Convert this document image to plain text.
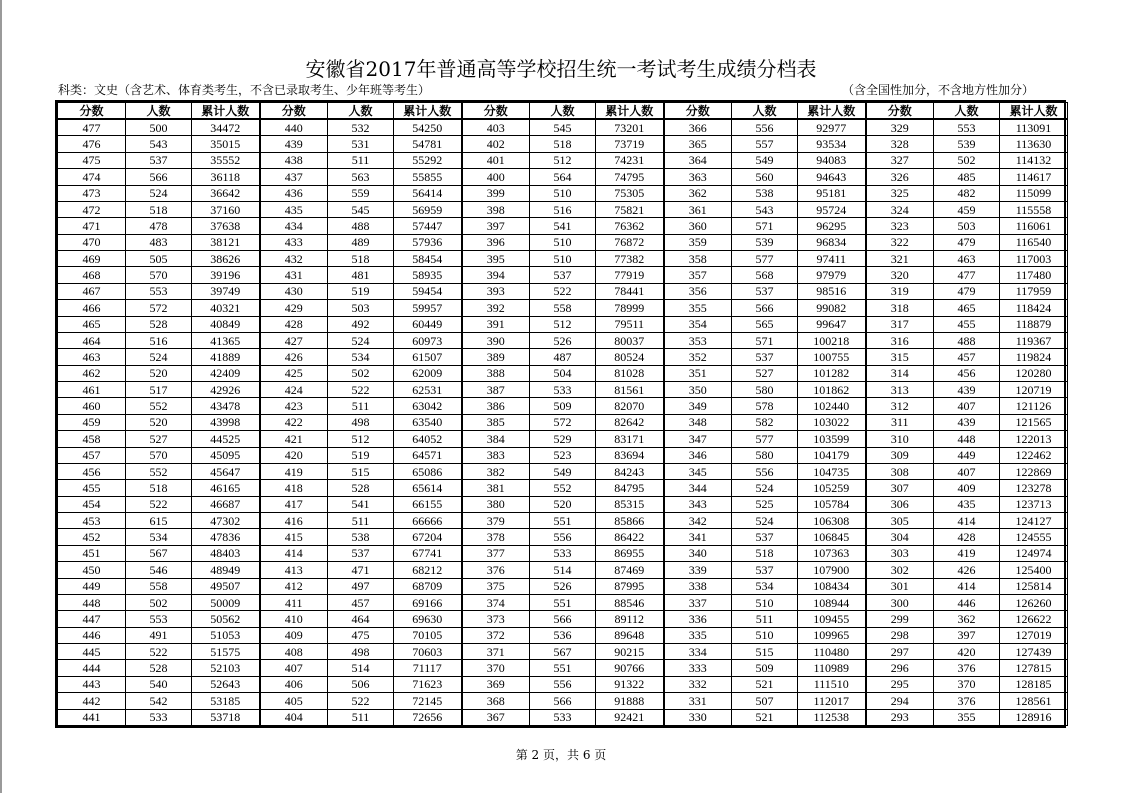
安徽省2017年普通高等学校招生统一考试考生成绩分档表
科类：文史（含艺术、体育类考生，不含已录取考生、少年班等考生）	（含全国性加分，不含地方性加分）
分数	人数	累计人数	分数	人数	累计人数	分数	人数	累计人数	分数	人数	累计人数	分数	人数	累计人数
477	500	34472	440	532	54250	403	545	73201	366	556	92977	329	553	113091
476	543	35015	439	531	54781	402	518	73719	365	557	93534	328	539	113630
475	537	35552	438	511	55292	401	512	74231	364	549	94083	327	502	114132
474	566	36118	437	563	55855	400	564	74795	363	560	94643	326	485	114617
473	524	36642	436	559	56414	399	510	75305	362	538	95181	325	482	115099
472	518	37160	435	545	56959	398	516	75821	361	543	95724	324	459	115558
471	478	37638	434	488	57447	397	541	76362	360	571	96295	323	503	116061
470	483	38121	433	489	57936	396	510	76872	359	539	96834	322	479	116540
469	505	38626	432	518	58454	395	510	77382	358	577	97411	321	463	117003
468	570	39196	431	481	58935	394	537	77919	357	568	97979	320	477	117480
467	553	39749	430	519	59454	393	522	78441	356	537	98516	319	479	117959
466	572	40321	429	503	59957	392	558	78999	355	566	99082	318	465	118424
465	528	40849	428	492	60449	391	512	79511	354	565	99647	317	455	118879
464	516	41365	427	524	60973	390	526	80037	353	571	100218	316	488	119367
463	524	41889	426	534	61507	389	487	80524	352	537	100755	315	457	119824
462	520	42409	425	502	62009	388	504	81028	351	527	101282	314	456	120280
461	517	42926	424	522	62531	387	533	81561	350	580	101862	313	439	120719
460	552	43478	423	511	63042	386	509	82070	349	578	102440	312	407	121126
459	520	43998	422	498	63540	385	572	82642	348	582	103022	311	439	121565
458	527	44525	421	512	64052	384	529	83171	347	577	103599	310	448	122013
457	570	45095	420	519	64571	383	523	83694	346	580	104179	309	449	122462
456	552	45647	419	515	65086	382	549	84243	345	556	104735	308	407	122869
455	518	46165	418	528	65614	381	552	84795	344	524	105259	307	409	123278
454	522	46687	417	541	66155	380	520	85315	343	525	105784	306	435	123713
453	615	47302	416	511	66666	379	551	85866	342	524	106308	305	414	124127
452	534	47836	415	538	67204	378	556	86422	341	537	106845	304	428	124555
451	567	48403	414	537	67741	377	533	86955	340	518	107363	303	419	124974
450	546	48949	413	471	68212	376	514	87469	339	537	107900	302	426	125400
449	558	49507	412	497	68709	375	526	87995	338	534	108434	301	414	125814
448	502	50009	411	457	69166	374	551	88546	337	510	108944	300	446	126260
447	553	50562	410	464	69630	373	566	89112	336	511	109455	299	362	126622
446	491	51053	409	475	70105	372	536	89648	335	510	109965	298	397	127019
445	522	51575	408	498	70603	371	567	90215	334	515	110480	297	420	127439
444	528	52103	407	514	71117	370	551	90766	333	509	110989	296	376	127815
443	540	52643	406	506	71623	369	556	91322	332	521	111510	295	370	128185
442	542	53185	405	522	72145	368	566	91888	331	507	112017	294	376	128561
441	533	53718	404	511	72656	367	533	92421	330	521	112538	293	355	128916
第 2 页，共 6 页
